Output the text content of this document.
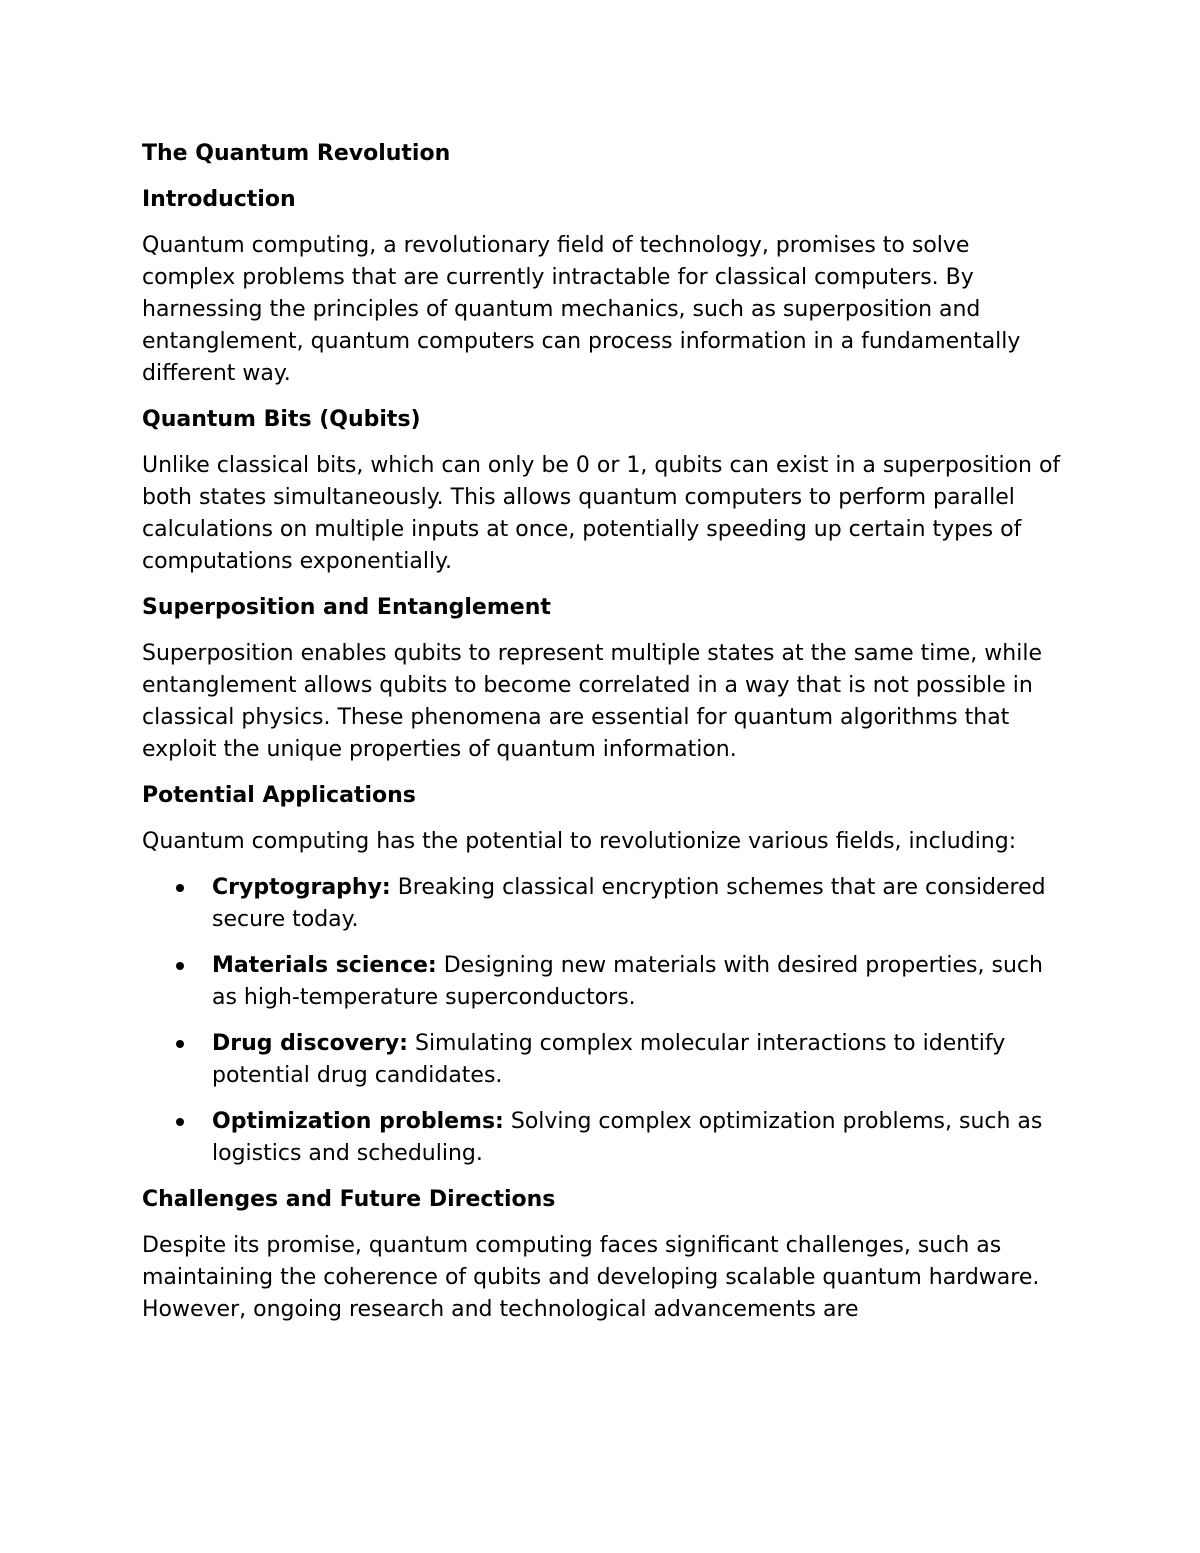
The Quantum Revolution
Introduction

Quantum computing, a revolutionary field of technology, promises to solve complex problems that are currently intractable for classical computers. By harnessing the principles of quantum mechanics, such as superposition and entanglement, quantum computers can process information in a fundamentally different way.

Quantum Bits (Qubits)

Unlike classical bits, which can only be 0 or 1, qubits can exist in a superposition of both states simultaneously. This allows quantum computers to perform parallel calculations on multiple inputs at once, potentially speeding up certain types of computations exponentially.

Superposition and Entanglement

Superposition enables qubits to represent multiple states at the same time, while entanglement allows qubits to become correlated in a way that is not possible in classical physics. These phenomena are essential for quantum algorithms that exploit the unique properties of quantum information.

Potential Applications

Quantum computing has the potential to revolutionize various fields, including:

Cryptography: Breaking classical encryption schemes that are considered secure today.
Materials science: Designing new materials with desired properties, such as high-temperature superconductors.
Drug discovery: Simulating complex molecular interactions to identify potential drug candidates.
Optimization problems: Solving complex optimization problems, such as logistics and scheduling.
Challenges and Future Directions

Despite its promise, quantum computing faces significant challenges, such as maintaining the coherence of qubits and developing scalable quantum hardware. However, ongoing research and technological advancements are
